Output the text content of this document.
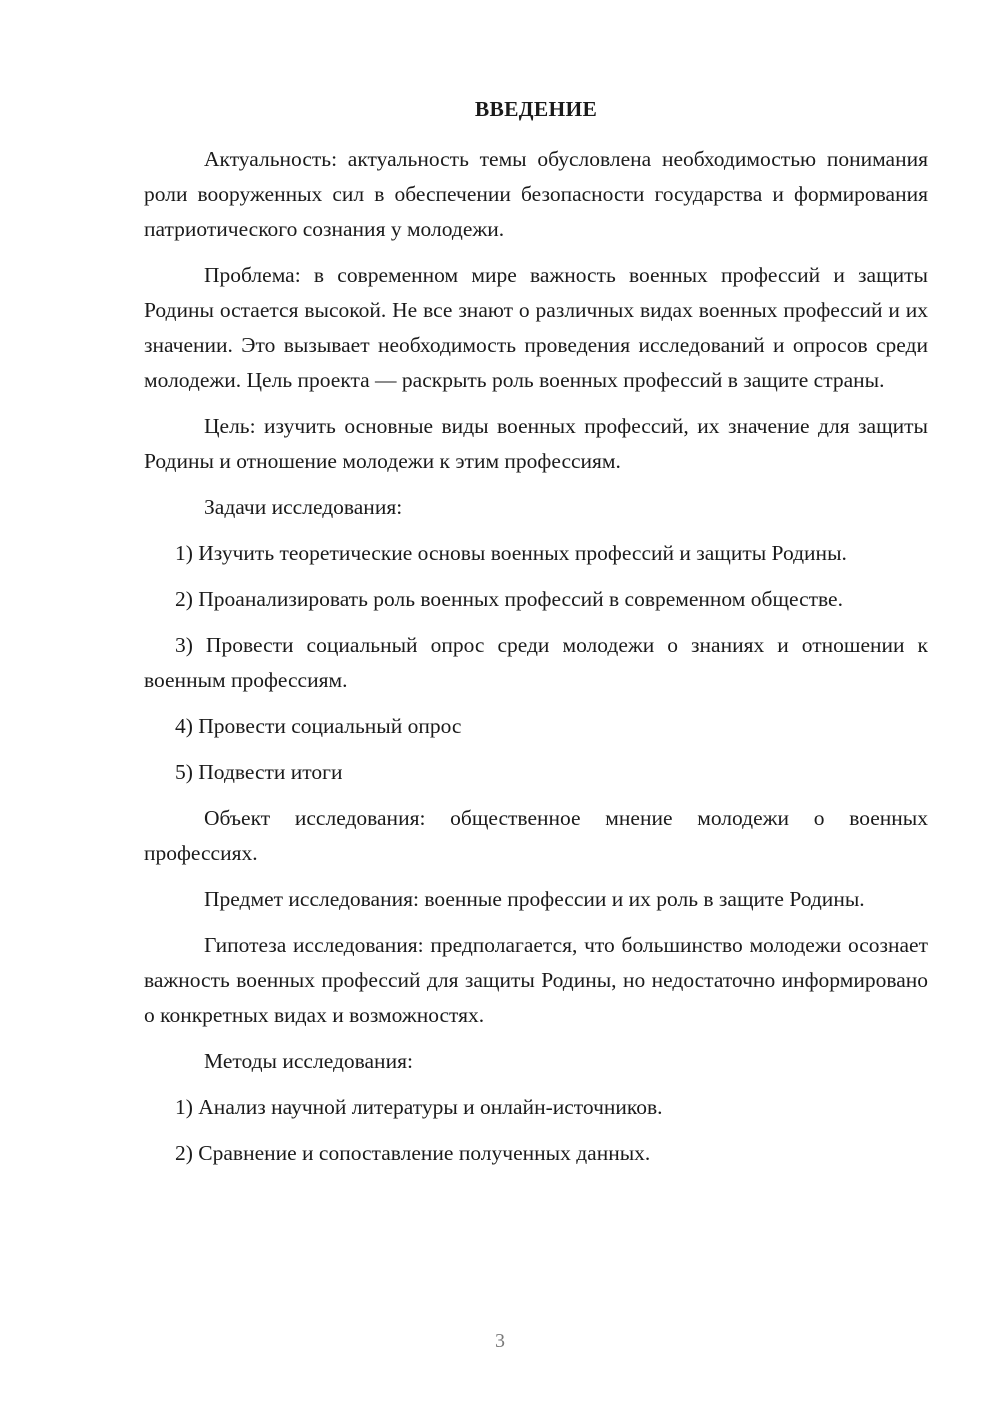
ВВЕДЕНИЕ

Актуальность: актуальность темы обусловлена необходимостью понимания роли вооруженных сил в обеспечении безопасности государства и формирования патриотического сознания у молодежи.

Проблема: в современном мире важность военных профессий и защиты Родины остается высокой. Не все знают о различных видах военных профессий и их значении. Это вызывает необходимость проведения исследований и опросов среди молодежи. Цель проекта — раскрыть роль военных профессий в защите страны.

Цель: изучить основные виды военных профессий, их значение для защиты Родины и отношение молодежи к этим профессиям.

Задачи исследования:

1) Изучить теоретические основы военных профессий и защиты Родины.

2) Проанализировать роль военных профессий в современном обществе.

3) Провести социальный опрос среди молодежи о знаниях и отношении к военным профессиям.

4) Провести социальный опрос

5) Подвести итоги

Объект исследования: общественное мнение молодежи о военных профессиях.

Предмет исследования: военные профессии и их роль в защите Родины.

Гипотеза исследования: предполагается, что большинство молодежи осознает важность военных профессий для защиты Родины, но недостаточно информировано о конкретных видах и возможностях.

Методы исследования:

1) Анализ научной литературы и онлайн-источников.

2) Сравнение и сопоставление полученных данных.

3
